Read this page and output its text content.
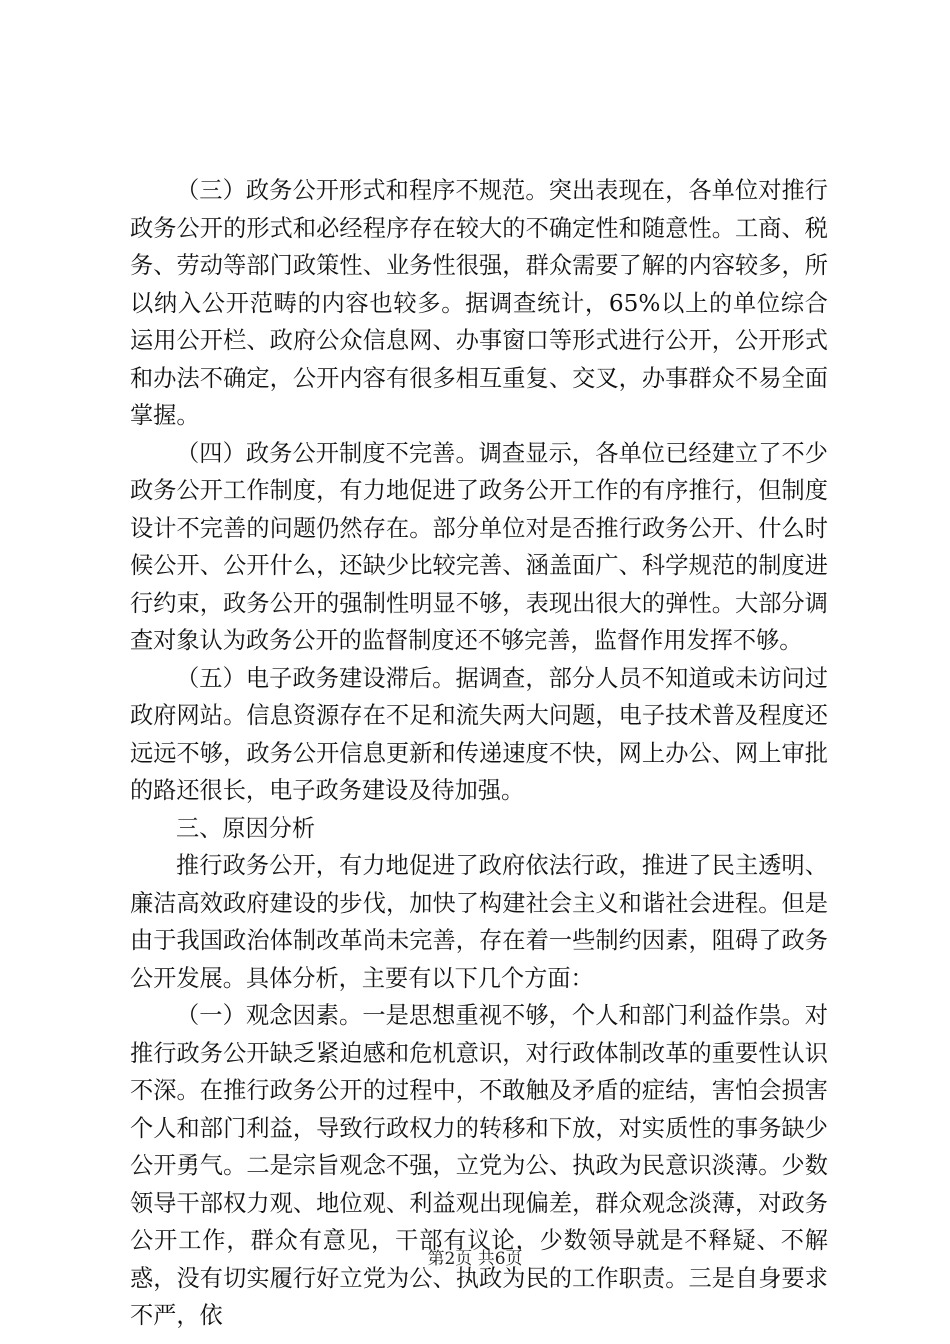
（三）政务公开形式和程序不规范。突出表现在，各单位对推行政务公开的形式和必经程序存在较大的不确定性和随意性。工商、税务、劳动等部门政策性、业务性很强，群众需要了解的内容较多，所以纳入公开范畴的内容也较多。据调查统计，65%以上的单位综合运用公开栏、政府公众信息网、办事窗口等形式进行公开，公开形式和办法不确定，公开内容有很多相互重复、交叉，办事群众不易全面掌握。

（四）政务公开制度不完善。调查显示，各单位已经建立了不少政务公开工作制度，有力地促进了政务公开工作的有序推行，但制度设计不完善的问题仍然存在。部分单位对是否推行政务公开、什么时候公开、公开什么，还缺少比较完善、涵盖面广、科学规范的制度进行约束，政务公开的强制性明显不够，表现出很大的弹性。大部分调查对象认为政务公开的监督制度还不够完善，监督作用发挥不够。

（五）电子政务建设滞后。据调查，部分人员不知道或未访问过政府网站。信息资源存在不足和流失两大问题，电子技术普及程度还远远不够，政务公开信息更新和传递速度不快，网上办公、网上审批的路还很长，电子政务建设及待加强。

三、原因分析

推行政务公开，有力地促进了政府依法行政，推进了民主透明、廉洁高效政府建设的步伐，加快了构建社会主义和谐社会进程。但是由于我国政治体制改革尚未完善，存在着一些制约因素，阻碍了政务公开发展。具体分析，主要有以下几个方面：

（一）观念因素。一是思想重视不够，个人和部门利益作祟。对推行政务公开缺乏紧迫感和危机意识，对行政体制改革的重要性认识不深。在推行政务公开的过程中，不敢触及矛盾的症结，害怕会损害个人和部门利益，导致行政权力的转移和下放，对实质性的事务缺少公开勇气。二是宗旨观念不强，立党为公、执政为民意识淡薄。少数领导干部权力观、地位观、利益观出现偏差，群众观念淡薄，对政务公开工作，群众有意见，干部有议论，少数领导就是不释疑、不解惑，没有切实履行好立党为公、执政为民的工作职责。三是自身要求不严，依

第2页 共6页
